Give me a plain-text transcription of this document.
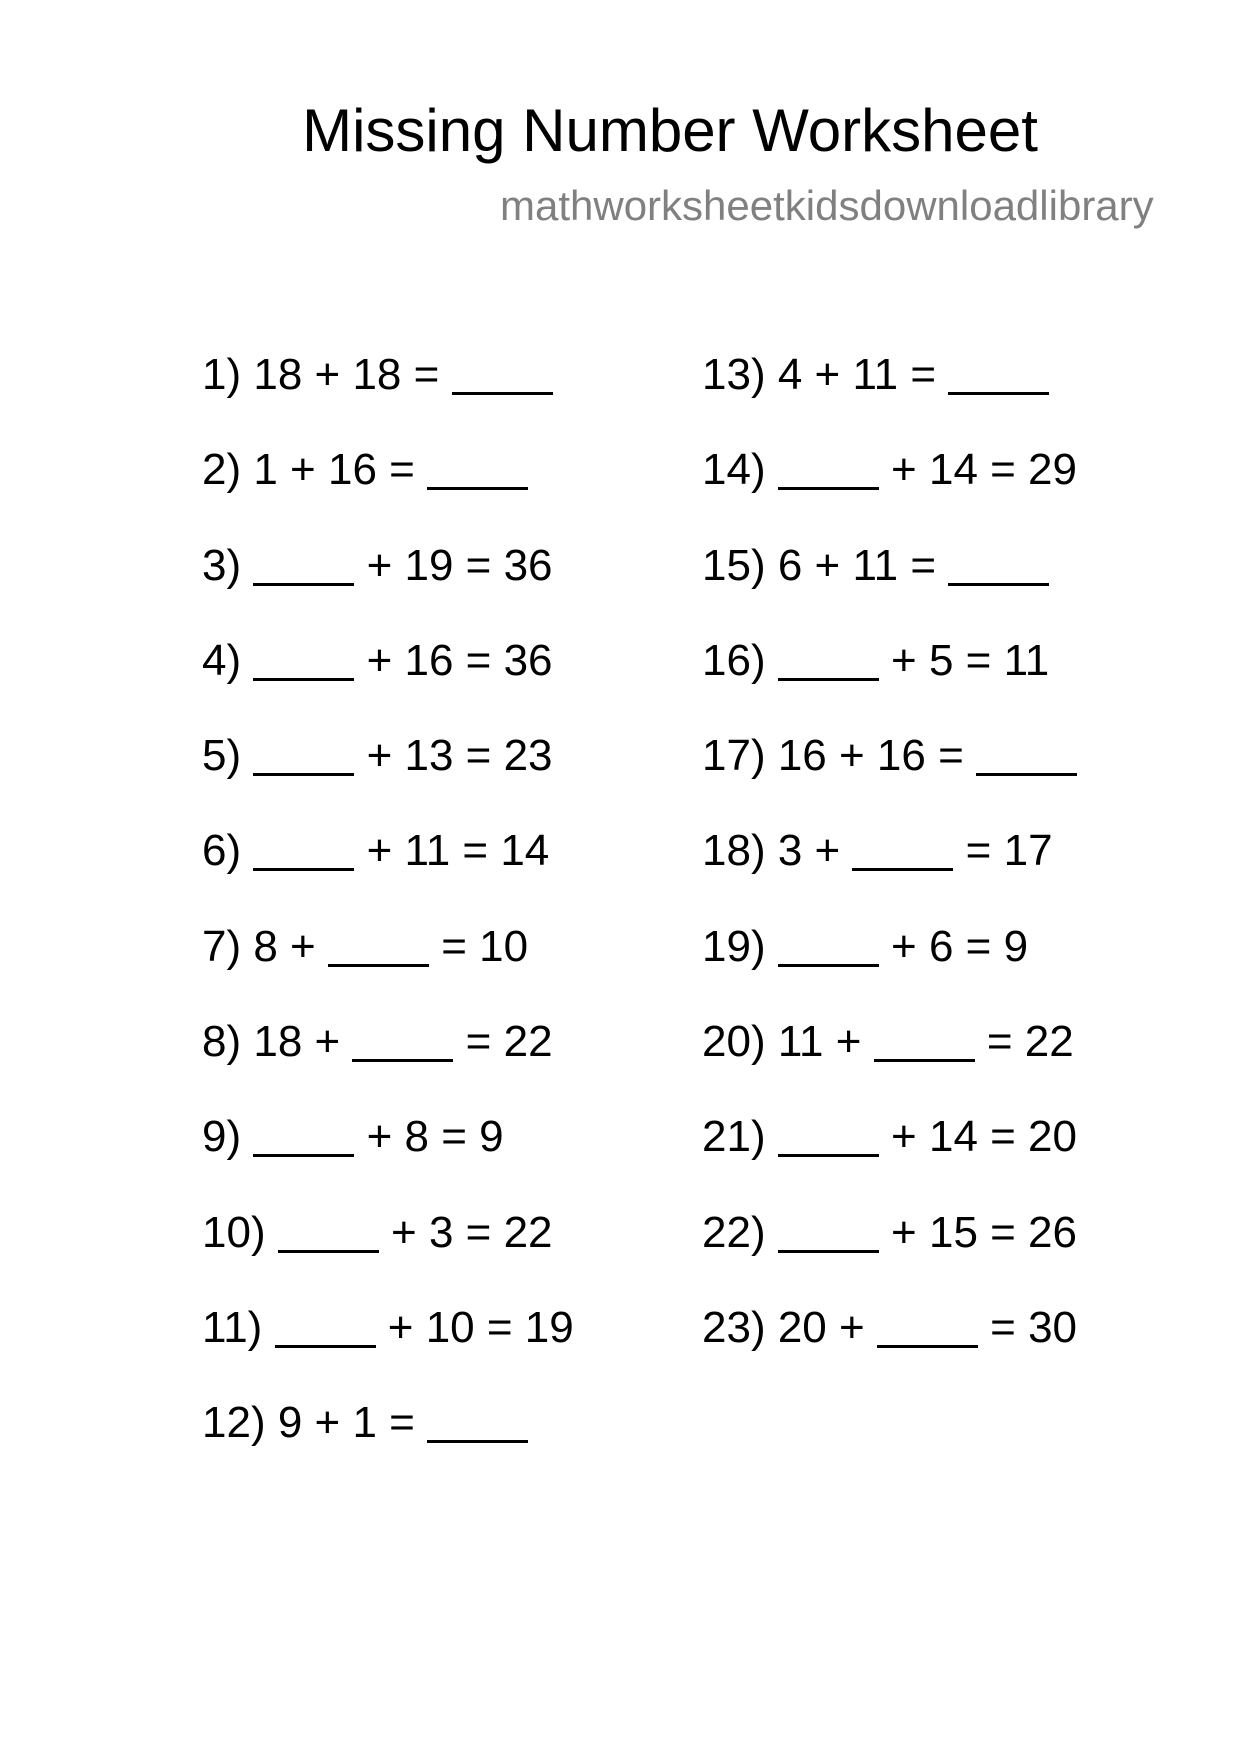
Missing Number Worksheet
mathworksheetkidsdownloadlibrary
1) 18 + 18 =
2) 1 + 16 =
3)	+ 19 = 36
4)	+ 16 = 36
5)	+ 13 = 23
6)	+ 11 = 14
7) 8 +  = 10
8) 18 +  = 22
9)	+ 8 = 9
10)	+ 3 = 22
11)	+ 10 = 19
12) 9 + 1 =
13) 4 + 11 =
14)	+ 14 = 29
15) 6 + 11 =
16)	+ 5 = 11
17) 16 + 16 =
18) 3 +  = 17
19)	+ 6 = 9
20) 11 +  = 22
21)	+ 14 = 20
22)	+ 15 = 26
23) 20 +  = 30
